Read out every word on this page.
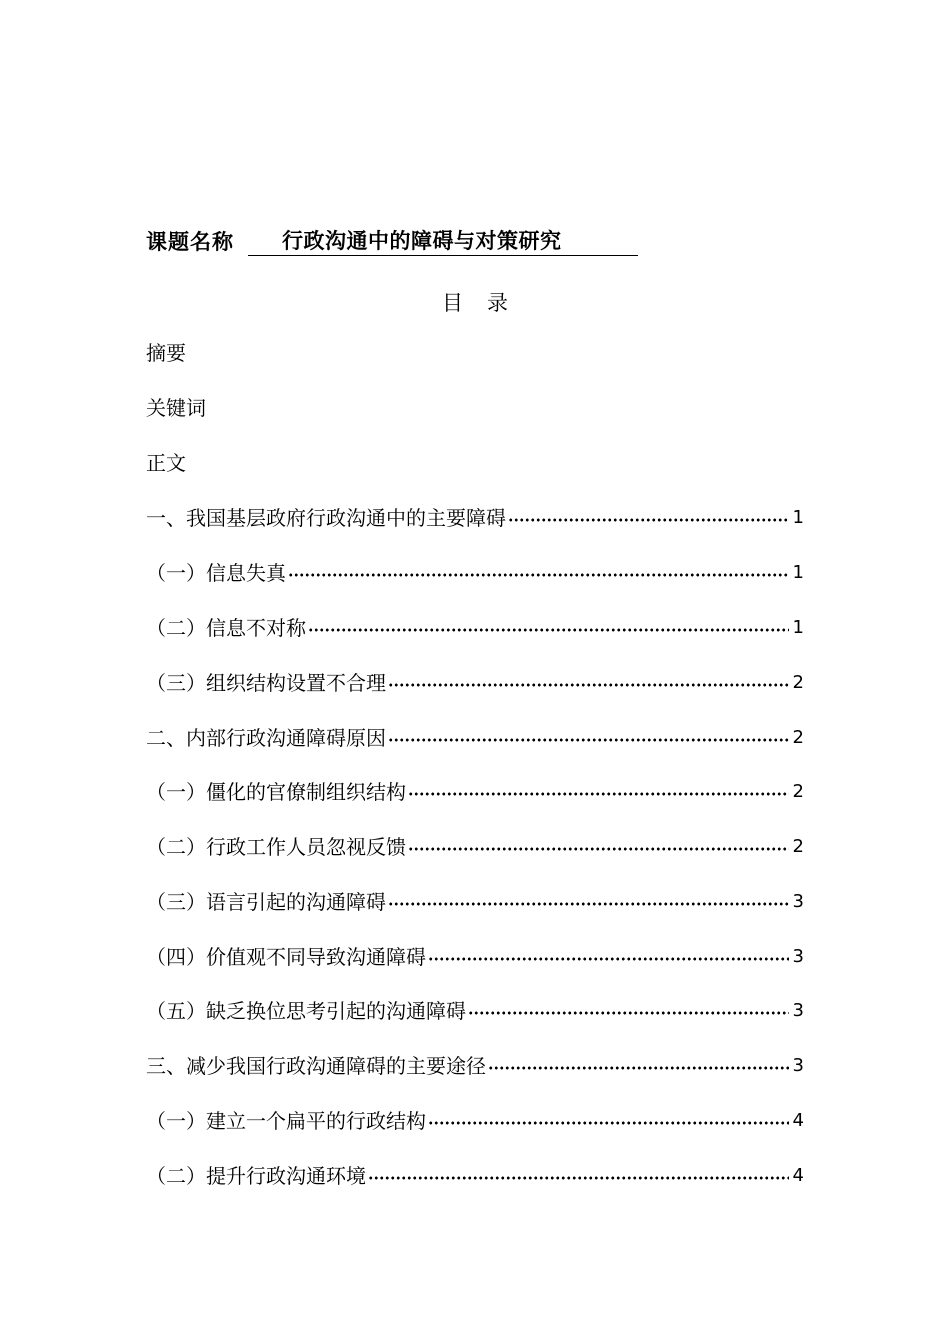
课题名称	行政沟通中的障碍与对策研究
目 录
摘要
关键词
正文
一、我国基层政府行政沟通中的主要障碍	1
（一）信息失真	1
（二）信息不对称	1
（三）组织结构设置不合理	2
二、内部行政沟通障碍原因	2
（一）僵化的官僚制组织结构	2
（二）行政工作人员忽视反馈	2
（三）语言引起的沟通障碍	3
（四）价值观不同导致沟通障碍	3
（五）缺乏换位思考引起的沟通障碍	3
三、减少我国行政沟通障碍的主要途径	3
（一）建立一个扁平的行政结构	4
（二）提升行政沟通环境	4
